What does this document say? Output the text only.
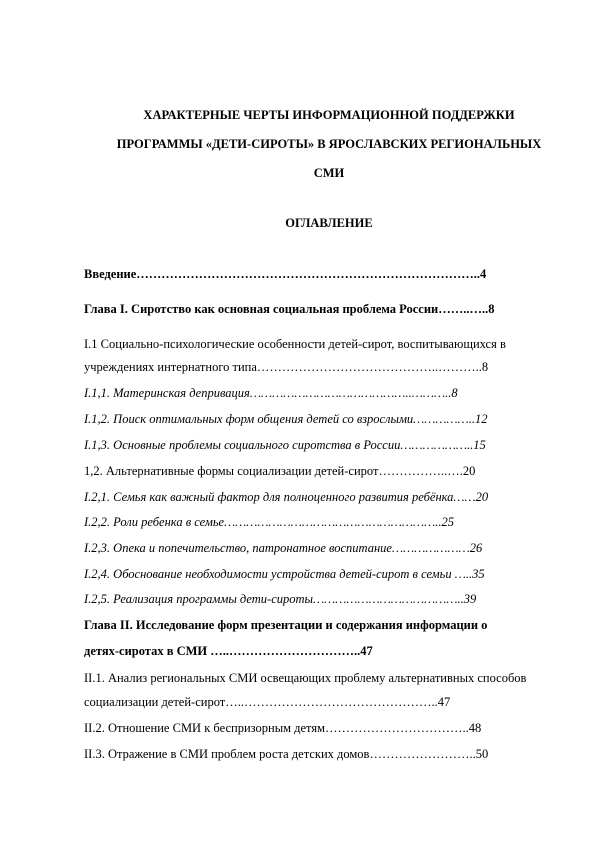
ХАРАКТЕРНЫЕ ЧЕРТЫ ИНФОРМАЦИОННОЙ ПОДДЕРЖКИ
ПРОГРАММЫ «ДЕТИ-СИРОТЫ» В ЯРОСЛАВСКИХ РЕГИОНАЛЬНЫХ
СМИ
ОГЛАВЛЕНИЕ
Введение………………………………………………………………………..4
Глава I. Сиротство как основная социальная проблема России……..…..8
I.1 Социально-психологические особенности детей-сирот, воспитывающихся в
учреждениях интернатного типа……………………………………..………..8
I.1,1. Материнская депривация……………………………………..………..8
I.1,2. Поиск оптимальных форм общения детей со взрослыми……………..12
I.1,3. Основные проблемы социального сиротства в России………………..15
1,2. Альтернативные формы социализации детей-сирот……………..….20
I.2,1. Семья как важный фактор для полноценного развития ребёнка……20
I.2,2. Роли ребенка в семье…………………………………………………..25
I.2,3. Опека и попечительство, патронатное воспитание…………………26
I.2,4. Обоснование необходимости устройства детей-сирот в семьи …..35
I.2,5. Реализация программы дети-сироты…………………………………..39
Глава II. Исследование форм презентации и содержания информации о
детях-сиротах в СМИ …..…………………………..47
II.1. Анализ региональных СМИ освещающих проблему альтернативных способов
социализации детей-сирот…..………………………………………..47
II.2. Отношение СМИ к беспризорным детям……………………………..48
II.3. Отражение в СМИ проблем роста детских домов……………………..50
